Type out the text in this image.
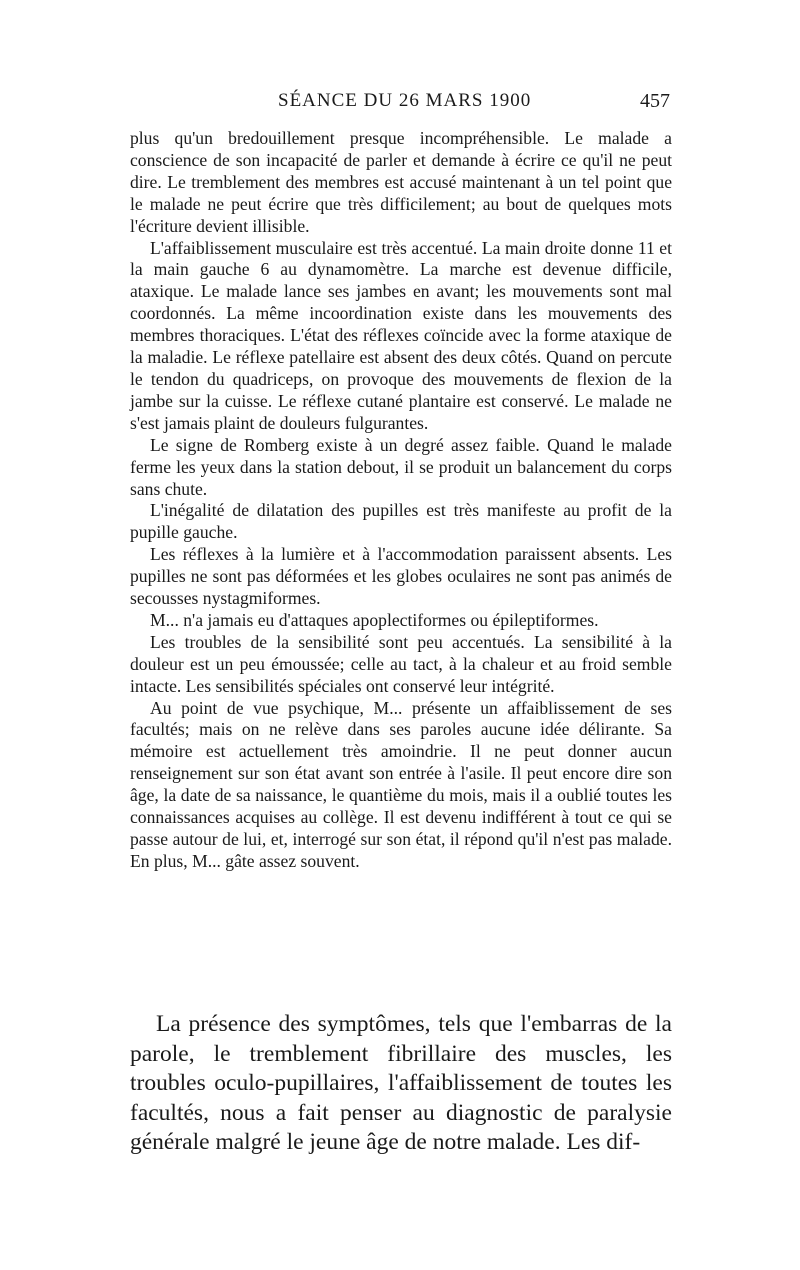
SÉANCE DU 26 MARS 1900	457

plus qu'un bredouillement presque incompréhensible. Le malade a conscience de son incapacité de parler et demande à écrire ce qu'il ne peut dire. Le tremblement des membres est accusé maintenant à un tel point que le malade ne peut écrire que très difficilement; au bout de quelques mots l'écriture devient illisible.

L'affaiblissement musculaire est très accentué. La main droite donne 11 et la main gauche 6 au dynamomètre. La marche est devenue difficile, ataxique. Le malade lance ses jambes en avant; les mouvements sont mal coordonnés. La même incoordination existe dans les mouvements des membres thoraciques. L'état des réflexes coïncide avec la forme ataxique de la maladie. Le réflexe patellaire est absent des deux côtés. Quand on percute le tendon du quadriceps, on provoque des mouvements de flexion de la jambe sur la cuisse. Le réflexe cutané plantaire est conservé. Le malade ne s'est jamais plaint de douleurs fulgurantes.

Le signe de Romberg existe à un degré assez faible. Quand le malade ferme les yeux dans la station debout, il se produit un balancement du corps sans chute.

L'inégalité de dilatation des pupilles est très manifeste au profit de la pupille gauche.

Les réflexes à la lumière et à l'accommodation paraissent absents. Les pupilles ne sont pas déformées et les globes oculaires ne sont pas animés de secousses nystagmiformes.

M... n'a jamais eu d'attaques apoplectiformes ou épileptiformes.

Les troubles de la sensibilité sont peu accentués. La sensibilité à la douleur est un peu émoussée; celle au tact, à la chaleur et au froid semble intacte. Les sensibilités spéciales ont conservé leur intégrité.

Au point de vue psychique, M... présente un affaiblissement de ses facultés; mais on ne relève dans ses paroles aucune idée délirante. Sa mémoire est actuellement très amoindrie. Il ne peut donner aucun renseignement sur son état avant son entrée à l'asile. Il peut encore dire son âge, la date de sa naissance, le quantième du mois, mais il a oublié toutes les connaissances acquises au collège. Il est devenu indifférent à tout ce qui se passe autour de lui, et, interrogé sur son état, il répond qu'il n'est pas malade. En plus, M... gâte assez souvent.

La présence des symptômes, tels que l'embarras de la parole, le tremblement fibrillaire des muscles, les troubles oculo-pupillaires, l'affaiblissement de toutes les facultés, nous a fait penser au diagnostic de paralysie générale malgré le jeune âge de notre malade. Les dif-
